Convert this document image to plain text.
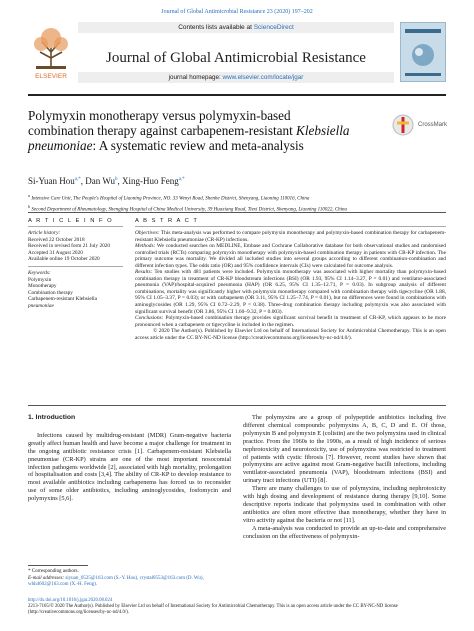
Journal of Global Antimicrobial Resistance 23 (2020) 197–202
ELSEVIER
Contents lists available at ScienceDirect
Journal of Global Antimicrobial Resistance
journal homepage: www.elsevier.com/locate/jgar
Polymyxin monotherapy versus polymyxin-based combination therapy against carbapenem-resistant Klebsiella pneumoniae: A systematic review and meta-analysis
CrossMark
Si-Yuan Hou$^{a,*}$, Dan Wu$^b$, Xing-Huo Feng$^{a,*}$
$^a$ Intensive Care Unit, The People's Hospital of Liaoning Province, NO. 33 Wenyi Road, Shenhe District, Shenyang, Liaoning 110016, China
$^b$ Second Department of Rheumatology, Shengjing Hospital of China Medical University, 39 Huaxiang Road, Tiexi District, Shenyang, Liaoning 110022, China
A R T I C L E I N F O
Article history:
Received 22 October 2018
Received in revised form 21 July 2020
Accepted 31 August 2020
Available online 19 October 2020
Keywords:
Polymyxin
Monotherapy
Combination therapy
Carbapenem-resistant Klebsiella
pneumoniae
A B S T R A C T

Objectives: This meta-analysis was performed to compare polymyxin monotherapy and polymyxin-based combination therapy for carbapenem-resistant Klebsiella pneumoniae (CR-KP) infections.

Methods: We conducted searches on MEDLINE, Embase and Cochrane Collaborative database for both observational studies and randomised controlled trials (RCTs) comparing polymyxin monotherapy with polymyxin-based combination therapy in patients with CR-KP infection. The primary outcome was mortality. We divided all included studies into several groups according to different combination-combination and different infection types. The odds ratio (OR) and 95% confidence intervals (CIs) were calculated for outcome analysis.

Results: Ten studies with 481 patients were included. Polymyxin monotherapy was associated with higher mortality than polymyxin-based combination therapy in treatment of CR-KP bloodstream infections (BSI) (OR 1.93, 95% CI 1.14–3.27, P = 0.01) and ventilator-associated pneumonia (VAP)/hospital-acquired pneumonia (HAP) (OR 6.25, 95% CI 1.35–12.71, P = 0.03). In subgroup analysis of different combinations, mortality was significantly higher with polymyxin monotherapy compared with combination therapy with tigecycline (OR 1.88, 95% CI 1.05–3.37, P = 0.03); or with carbapenem (OR 3.11, 95% CI 1.25–7.74, P = 0.01), but no differences were found in combinations with aminoglycosides (OR 1.29, 95% CI 0.72–2.29, P = 0.38). Three-drug combination therapy including polymyxin was also associated with significant survival benefit (OR 3.86, 95% CI 1.60–9.32, P = 0.003).

Conclusions: Polymyxin-based combination therapy provides significant survival benefit in treatment of CR-KP, which appears to be more pronounced when a carbapenem or tigecycline is included in the regimen.

© 2020 The Author(s). Published by Elsevier Ltd on behalf of International Society for Antimicrobial Chemotherapy. This is an open access article under the CC BY-NC-ND license (http://creativecommons.org/licenses/by-nc-nd/4.0/).

1. Introduction

Infections caused by multidrug-resistant (MDR) Gram-negative bacteria greatly affect human health and have become a major challenge for treatment in the ongoing antibiotic resistance crisis [1]. Carbapenem-resistant Klebsiella pneumoniae (CR-KP) strains are one of the most important nosocomial infection pathogens worldwide [2], associated with high mortality, prolongation of hospitalisation and costs [3,4]. The ability of CR-KP to develop resistance to most available antibiotics including carbapenems has forced us to reconsider use of some older antibiotics, including aminoglycosides, fosfomycin and polymyxins [5,6].

The polymyxins are a group of polypeptide antibiotics including five different chemical compounds: polymyxins A, B, C, D and E. Of those, polymyxin B and polymyxin E (colistin) are the two polymyxins used in clinical practice. From the 1960s to the 1990s, as a result of high incidence of serious nephrotoxicity and neurotoxicity, use of polymyxins was restricted to treatment of patients with cystic fibrosis [7]. However, recent studies have shown that polymyxins are active against most Gram-negative bacilli infections, including ventilator-associated pneumonia (VAP), bloodstream infections (BSI) and urinary tract infections (UTI) [8].

There are many challenges to use of polymyxins, including nephrotoxicity with high dosing and development of resistance during therapy [9,10]. Some descriptive reports indicate that polymyxins used in combination with other antibiotics are often more effective than monotherapy, whether they have in vitro activity against the bacteria or not [11].

A meta-analysis was conducted to provide an up-to-date and comprehensive conclusion on the effectiveness of polymyxin-

* Corresponding authors.
E-mail addresses: siyuan_0525@163.com (S.-Y. Hou), crystal0553@163.com (D. Wu), whh4602@163.com (X.-H. Feng).
http://dx.doi.org/10.1016/j.jgar.2020.08.024
2213-7165/© 2020 The Author(s). Published by Elsevier Ltd on behalf of International Society for Antimicrobial Chemotherapy. This is an open access article under the CC BY-NC-ND license (http://creativecommons.org/licenses/by-nc-nd/4.0/).
